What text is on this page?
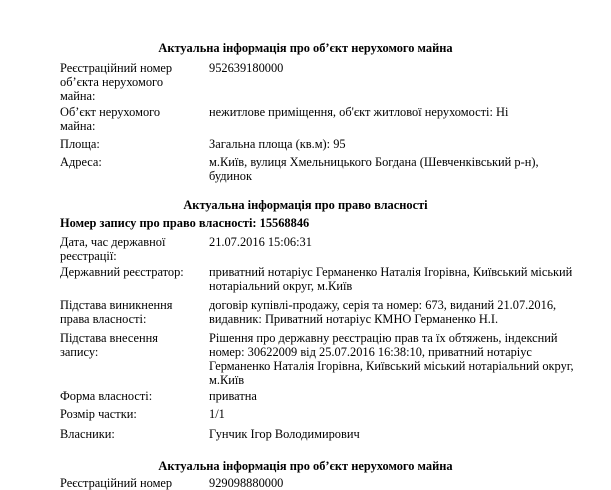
Актуальна інформація про об’єкт нерухомого майна
Реєстраційний номер
об’єкта нерухомого
майна:
952639180000
Об’єкт нерухомого
майна:
нежитлове приміщення, об'єкт житлової нерухомості: Ні
Площа:	Загальна площа (кв.м): 95
Адреса:	м.Київ, вулиця Хмельницького Богдана (Шевченківський р-н),
будинок
Актуальна інформація про право власності
Номер запису про право власності: 15568846
Дата, час державної
реєстрації:
21.07.2016 15:06:31
Державний реєстратор:	приватний нотаріус Германенко Наталія Ігорівна, Київський міський
нотаріальний округ, м.Київ
Підстава виникнення
права власності:
договір купівлі-продажу, серія та номер: 673, виданий 21.07.2016,
видавник: Приватний нотаріус КМНО Германенко Н.І.
Підстава внесення
запису:
Рішення про державну реєстрацію прав та їх обтяжень, індексний
номер: 30622009 від 25.07.2016 16:38:10, приватний нотаріус
Германенко Наталія Ігорівна, Київський міський нотаріальний округ,
м.Київ
Форма власності:	приватна
Розмір частки:	1/1
Власники:	Гунчик Ігор Володимирович
Актуальна інформація про об’єкт нерухомого майна
Реєстраційний номер	929098880000
